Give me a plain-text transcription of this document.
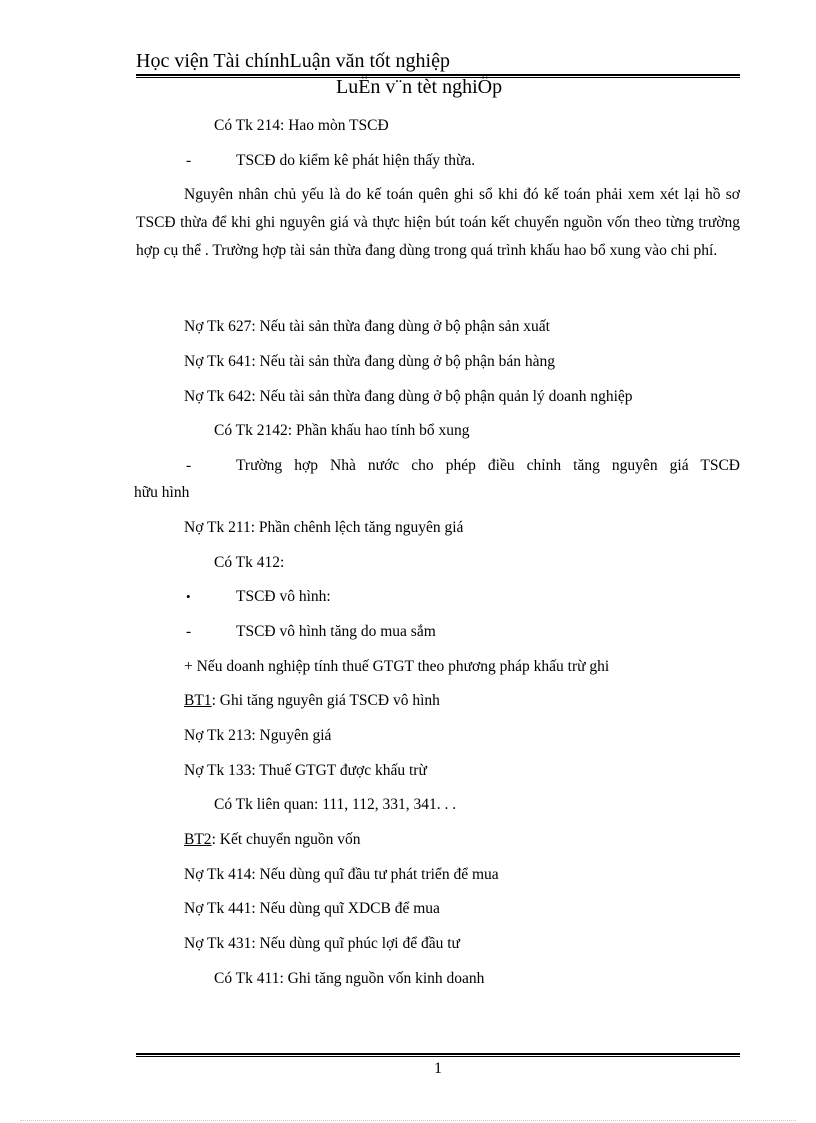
Học viện Tài chínhLuận văn tốt nghiệp
LuËn v¨n tèt nghiÖp
Có Tk 214: Hao mòn TSCĐ
-	TSCĐ do kiểm kê phát hiện thấy thừa.
Nguyên nhân chủ yếu là do kế toán quên ghi sổ khi đó kế toán phải xem xét lại hồ sơ TSCĐ thừa để khi ghi nguyên giá và thực hiện bút toán kết chuyển nguồn vốn theo từng trường hợp cụ thể . Trường hợp tài sản thừa đang dùng trong quá trình khấu hao bổ xung vào chi phí.
Nợ Tk 627: Nếu tài sản thừa đang dùng ở bộ phận sản xuất
Nợ Tk 641: Nếu tài sản thừa đang dùng ở bộ phận bán hàng
Nợ Tk 642: Nếu tài sản thừa đang dùng ở bộ phận quản lý doanh nghiệp
Có Tk 2142: Phần khấu hao tính bổ xung
-	Trường hợp Nhà nước cho phép điều chỉnh tăng nguyên giá TSCĐ
hữu hình
Nợ Tk 211: Phần chênh lệch tăng nguyên giá
Có Tk 412:
•	TSCĐ vô hình:
-	TSCĐ vô hình tăng do mua sắm
+ Nếu doanh nghiệp tính thuế GTGT theo phương pháp khấu trừ ghi
BT1: Ghi tăng nguyên giá TSCĐ vô hình
Nợ Tk 213: Nguyên giá
Nợ Tk 133: Thuế GTGT được khấu trừ
Có Tk liên quan: 111, 112, 331, 341. . .
BT2: Kết chuyển nguồn vốn
Nợ Tk 414: Nếu dùng quĩ đầu tư phát triển để mua
Nợ Tk 441: Nếu dùng quĩ XDCB để mua
Nợ Tk 431: Nếu dùng quĩ phúc lợi để đầu tư
Có Tk 411: Ghi tăng nguồn vốn kinh doanh
1
